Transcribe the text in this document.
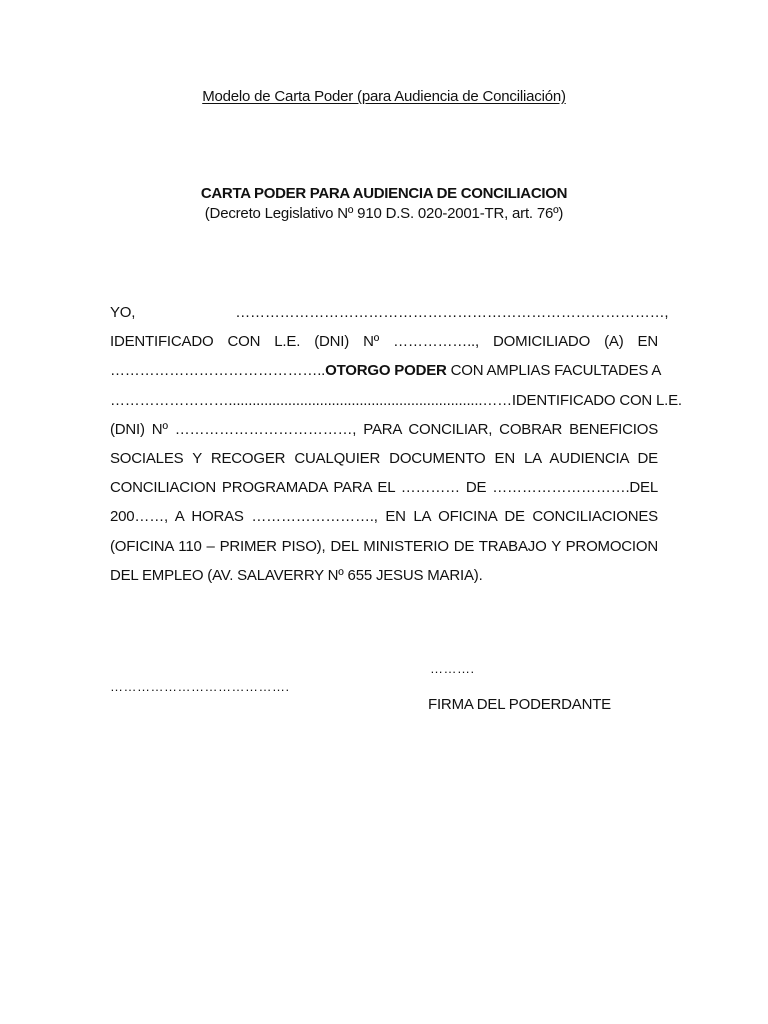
Modelo de Carta Poder (para Audiencia de Conciliación)
CARTA PODER PARA AUDIENCIA DE CONCILIACION
(Decreto Legislativo Nº 910 D.S. 020-2001-TR, art. 76º)
YO,	……………………………………………………………………………,
IDENTIFICADO CON L.E. (DNI) Nº …………….., DOMICILIADO (A) EN
……………………………………..OTORGO PODER CON AMPLIAS FACULTADES A
……………………................................................................……IDENTIFICADO CON L.E.
(DNI) Nº ………………………………, PARA CONCILIAR, COBRAR BENEFICIOS
SOCIALES Y RECOGER CUALQUIER DOCUMENTO EN LA AUDIENCIA DE
CONCILIACION PROGRAMADA PARA EL ………… DE ……………………….DEL
200……, A HORAS ……………………., EN LA OFICINA DE CONCILIACIONES
(OFICINA 110 – PRIMER PISO), DEL MINISTERIO DE TRABAJO Y PROMOCION
DEL EMPLEO (AV. SALAVERRY Nº 655 JESUS MARIA).
……….
………………………………….
FIRMA DEL PODERDANTE
